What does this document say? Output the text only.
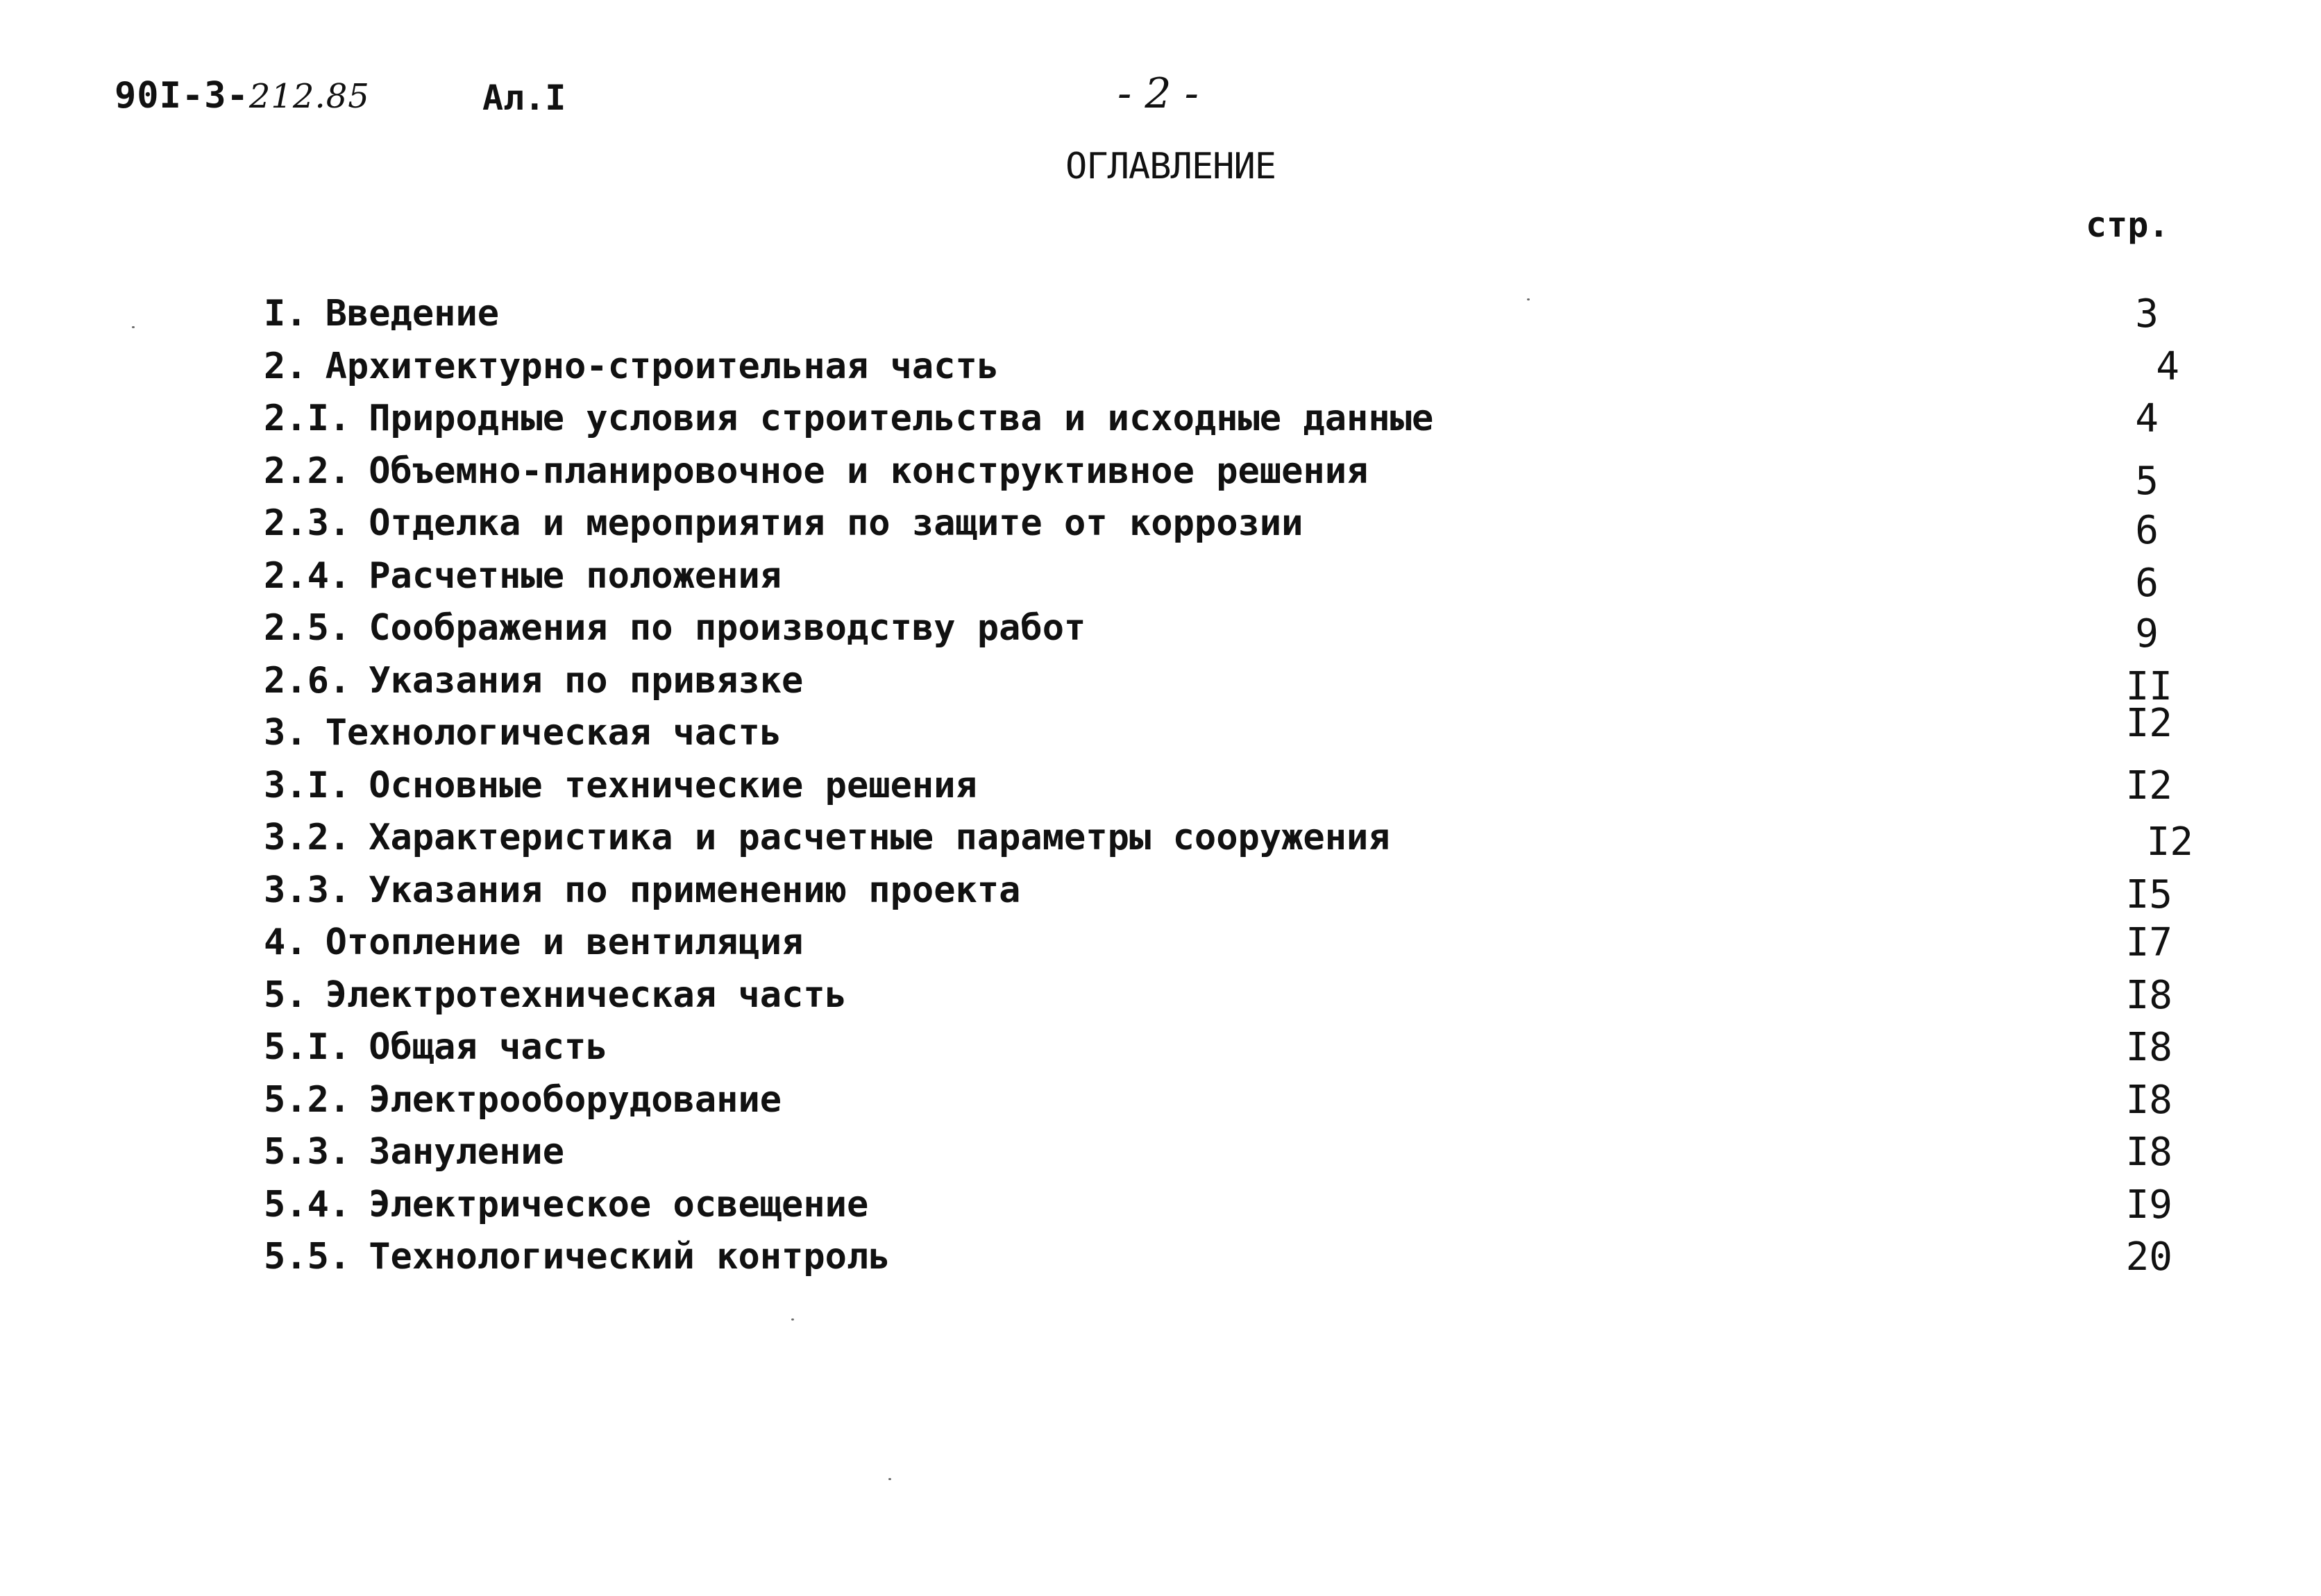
90I-3-212.85	Ал.I	- 2 -
ОГЛАВЛЕНИЕ
стр.
I. Введение	3
2. Архитектурно-строительная часть	4
2.I. Природные условия строительства и исходные данные	4
2.2. Объемно-планировочное и конструктивное решения	5
2.3. Отделка и мероприятия по защите от коррозии	6
2.4. Расчетные положения	6
2.5. Соображения по производству работ	9
2.6. Указания по привязке	II
3. Технологическая часть	I2
3.I. Основные технические решения	I2
3.2. Характеристика и расчетные параметры сооружения	I2
3.3. Указания по применению проекта	I5
4. Отопление и вентиляция	I7
5. Электротехническая часть	I8
5.I. Общая часть	I8
5.2. Электрооборудование	I8
5.3. Зануление	I8
5.4. Электрическое освещение	I9
5.5. Технологический контроль	20
